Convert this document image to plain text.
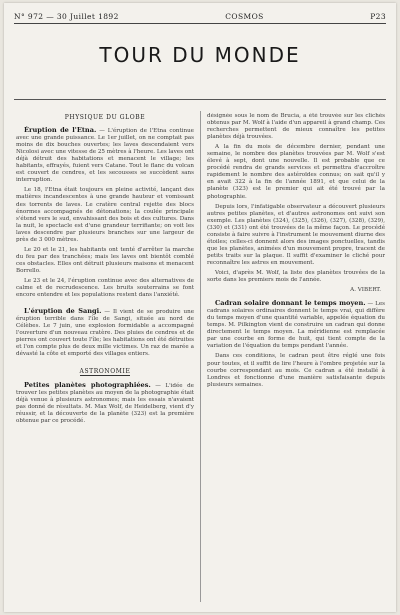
N° 972 — 30 Juillet 1892	COSMOS	P23
TOUR DU MONDE
PHYSIQUE DU GLOBE

Éruption de l'Etna. — L'éruption de l'Etna continue avec une grande puissance. Le 1er juillet, on ne comptait pas moins de dix bouches ouvertes; les laves descendaient vers Nicolosi avec une vitesse de 25 mètres à l'heure. Les laves ont déjà détruit des habitations et menacent le village; les habitants, effrayés, fuient vers Catane. Tout le flanc du volcan est couvert de cendres, et les secousses se succèdent sans interruption.

Le 18, l'Etna était toujours en pleine activité, lançant des matières incandescentes à une grande hauteur et vomissant des torrents de laves. Le cratère central rejette des blocs énormes accompagnés de détonations; la coulée principale s'étend vers le sud, envahissant des bois et des cultures. Dans la nuit, le spectacle est d'une grandeur terrifiante; on voit les laves descendre par plusieurs branches sur une largeur de près de 3 000 mètres.

Le 20 et le 21, les habitants ont tenté d'arrêter la marche du feu par des tranchées; mais les laves ont bientôt comblé ces obstacles. Elles ont détruit plusieurs maisons et menacent Borrello.

Le 23 et le 24, l'éruption continue avec des alternatives de calme et de recrudescence. Les bruits souterrains se font encore entendre et les populations restent dans l'anxiété.

L'éruption de Sangi. — Il vient de se produire une éruption terrible dans l'île de Sangi, située au nord de Célèbes. Le 7 juin, une explosion formidable a accompagné l'ouverture d'un nouveau cratère. Des pluies de cendres et de pierres ont couvert toute l'île; les habitations ont été détruites et l'on compte plus de deux mille victimes. Un raz de marée a dévasté la côte et emporté des villages entiers.

ASTRONOMIE

Petites planètes photographiées. — L'idée de trouver les petites planètes au moyen de la photographie était déjà venue à plusieurs astronomes; mais les essais n'avaient pas donné de résultats. M. Max Wolf, de Heidelberg, vient d'y réussir, et la découverte de la planète (323) est la première obtenue par ce procédé.

désignée sous le nom de Brucia, a été trouvée sur les clichés obtenus par M. Wolf à l'aide d'un appareil à grand champ. Ces recherches permettent de mieux connaître les petites planètes déjà trouvées.

A la fin du mois de décembre dernier, pendant une semaine, le nombre des planètes trouvées par M. Wolf s'est élevé à sept, dont une nouvelle. Il est probable que ce procédé rendra de grands services et permettra d'accroître rapidement le nombre des astéroïdes connus; on sait qu'il y en avait 322 à la fin de l'année 1891, et que celui de la planète (323) est le premier qui ait été trouvé par la photographie.

Depuis lors, l'infatigable observateur a découvert plusieurs autres petites planètes, et d'autres astronomes ont suivi son exemple. Les planètes (324), (325), (326), (327), (328), (329), (330) et (331) ont été trouvées de la même façon. Le procédé consiste à faire suivre à l'instrument le mouvement diurne des étoiles; celles-ci donnent alors des images ponctuelles, tandis que les planètes, animées d'un mouvement propre, tracent de petits traits sur la plaque. Il suffit d'examiner le cliché pour reconnaître les astres en mouvement.

Voici, d'après M. Wolf, la liste des planètes trouvées de la sorte dans les premiers mois de l'année.

A. VIBERT.

Cadran solaire donnant le temps moyen. — Les cadrans solaires ordinaires donnent le temps vrai, qui diffère du temps moyen d'une quantité variable, appelée équation du temps. M. Pilkington vient de construire un cadran qui donne directement le temps moyen. La méridienne est remplacée par une courbe en forme de huit, qui tient compte de la variation de l'équation du temps pendant l'année.

Dans ces conditions, le cadran peut être réglé une fois pour toutes, et il suffit de lire l'heure à l'ombre projetée sur la courbe correspondant au mois. Ce cadran a été installé à Londres et fonctionne d'une manière satisfaisante depuis plusieurs semaines.
